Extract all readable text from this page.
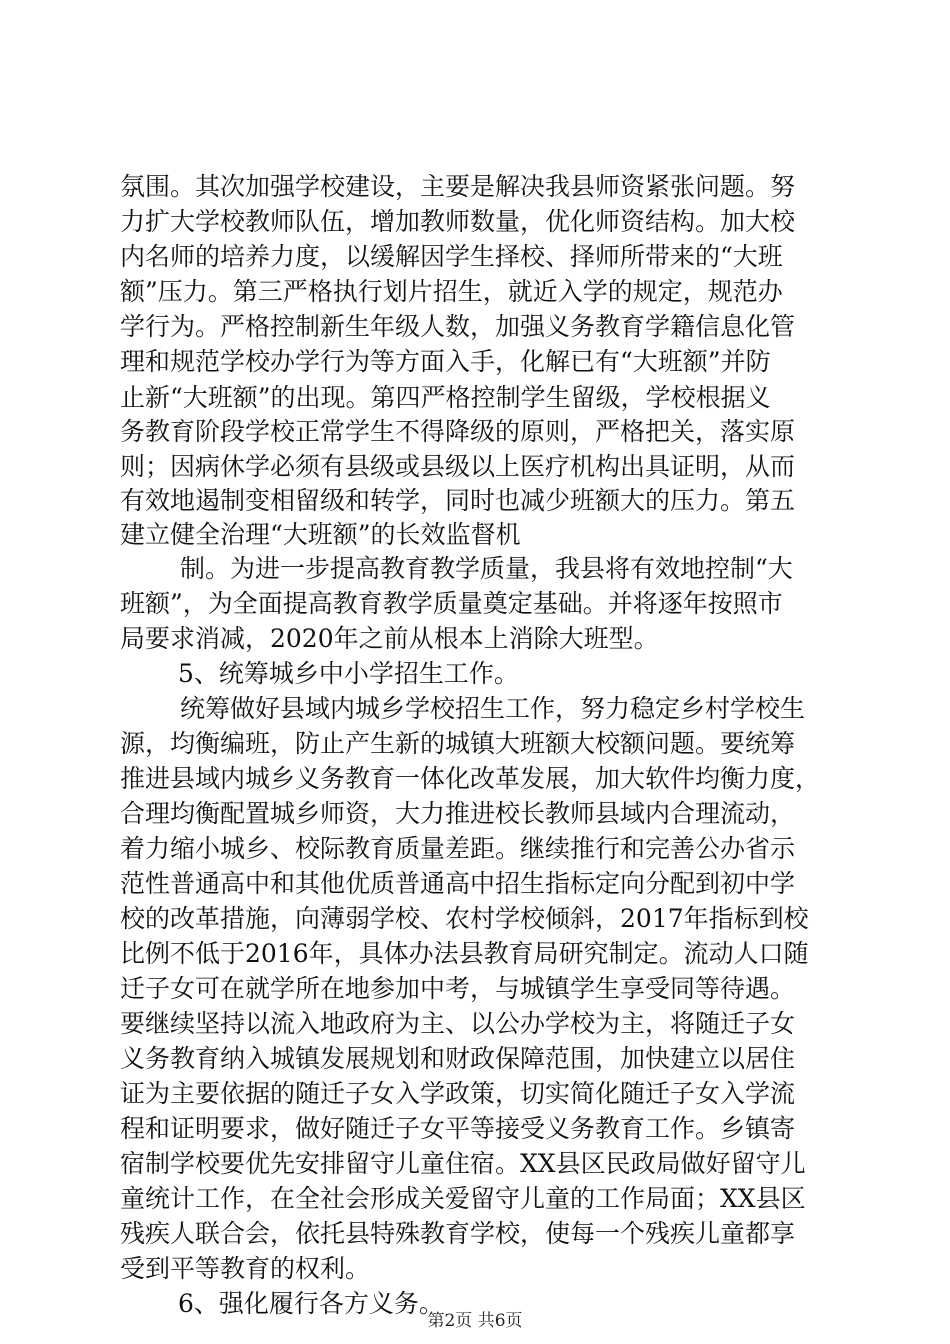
氛围。其次加强学校建设，主要是解决我县师资紧张问题。努
力扩大学校教师队伍，增加教师数量，优化师资结构。加大校
内名师的培养力度，以缓解因学生择校、择师所带来的“大班
额”压力。第三严格执行划片招生，就近入学的规定，规范办
学行为。严格控制新生年级人数，加强义务教育学籍信息化管
理和规范学校办学行为等方面入手，化解已有“大班额”并防
止新“大班额”的出现。第四严格控制学生留级，学校根据义
务教育阶段学校正常学生不得降级的原则，严格把关，落实原
则；因病休学必须有县级或县级以上医疗机构出具证明，从而
有效地遏制变相留级和转学，同时也减少班额大的压力。第五
建立健全治理“大班额”的长效监督机
制。为进一步提高教育教学质量，我县将有效地控制“大
班额”，为全面提高教育教学质量奠定基础。并将逐年按照市
局要求消减，2020年之前从根本上消除大班型。
5、统筹城乡中小学招生工作。
统筹做好县域内城乡学校招生工作，努力稳定乡村学校生
源，均衡编班，防止产生新的城镇大班额大校额问题。要统筹
推进县域内城乡义务教育一体化改革发展，加大软件均衡力度，
合理均衡配置城乡师资，大力推进校长教师县域内合理流动，
着力缩小城乡、校际教育质量差距。继续推行和完善公办省示
范性普通高中和其他优质普通高中招生指标定向分配到初中学
校的改革措施，向薄弱学校、农村学校倾斜，2017年指标到校
比例不低于2016年，具体办法县教育局研究制定。流动人口随
迁子女可在就学所在地参加中考，与城镇学生享受同等待遇。
要继续坚持以流入地政府为主、以公办学校为主，将随迁子女
义务教育纳入城镇发展规划和财政保障范围，加快建立以居住
证为主要依据的随迁子女入学政策，切实简化随迁子女入学流
程和证明要求，做好随迁子女平等接受义务教育工作。乡镇寄
宿制学校要优先安排留守儿童住宿。XX县区民政局做好留守儿
童统计工作，在全社会形成关爱留守儿童的工作局面；XX县区
残疾人联合会，依托县特殊教育学校，使每一个残疾儿童都享
受到平等教育的权利。
6、强化履行各方义务。
第2页 共6页
